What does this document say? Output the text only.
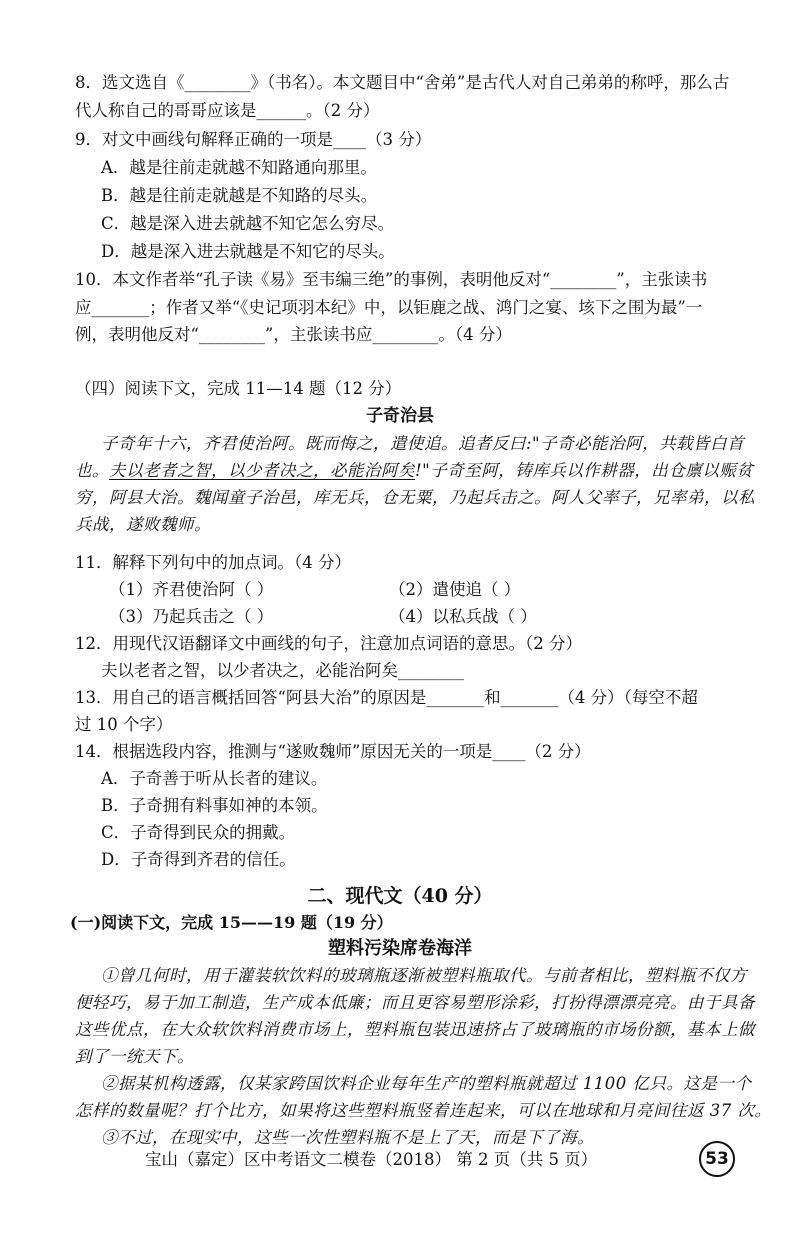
8．选文选自《________》（书名）。本文题目中“舍弟”是古代人对自己弟弟的称呼，那么古
代人称自己的哥哥应该是______。（2 分）
9．对文中画线句解释正确的一项是____（3 分）
A．越是往前走就越不知路通向那里。
B．越是往前走就越是不知路的尽头。
C．越是深入进去就越不知它怎么穷尽。
D．越是深入进去就越是不知它的尽头。
10．本文作者举“孔子读《易》至韦编三绝”的事例，表明他反对“________”，主张读书
应_______；作者又举“《史记项羽本纪》中，以钜鹿之战、鸿门之宴、垓下之围为最”一
例，表明他反对“________”，主张读书应________。（4 分）
（四）阅读下文，完成 11—14 题（12 分）
子奇治县
子奇年十六，齐君使治阿。既而悔之，遣使追。追者反曰:"子奇必能治阿，共载皆白首
也。夫以老者之智，以少者决之，必能治阿矣!"子奇至阿，铸库兵以作耕器，出仓廪以赈贫
穷，阿县大治。魏闻童子治邑，库无兵，仓无粟，乃起兵击之。阿人父率子，兄率弟，以私
兵战，遂败魏师。
11．解释下列句中的加点词。（4 分）
（1）齐君使治阿（ ）	（2）遣使追（ ）
（3）乃起兵击之（ ）	（4）以私兵战（ ）
12．用现代汉语翻译文中画线的句子，注意加点词语的意思。（2 分）
夫以老者之智，以少者决之，必能治阿矣________
13．用自己的语言概括回答“阿县大治”的原因是_______和_______（4 分）（每空不超
过 10 个字）
14．根据选段内容，推测与“遂败魏师”原因无关的一项是____（2 分）
A．子奇善于听从长者的建议。
B．子奇拥有料事如神的本领。
C．子奇得到民众的拥戴。
D．子奇得到齐君的信任。
二、现代文（40 分）
(一)阅读下文，完成 15——19 题（19 分）
塑料污染席卷海洋
①曾几何时，用于灌装软饮料的玻璃瓶逐渐被塑料瓶取代。与前者相比，塑料瓶不仅方
便轻巧，易于加工制造，生产成本低廉；而且更容易塑形涂彩，打扮得漂漂亮亮。由于具备
这些优点，在大众软饮料消费市场上，塑料瓶包装迅速挤占了玻璃瓶的市场份额，基本上做
到了一统天下。
②据某机构透露，仅某家跨国饮料企业每年生产的塑料瓶就超过 1100 亿只。这是一个
怎样的数量呢？打个比方，如果将这些塑料瓶竖着连起来，可以在地球和月亮间往返 37 次。
③不过，在现实中，这些一次性塑料瓶不是上了天，而是下了海。
宝山（嘉定）区中考语文二模卷（2018） 第 2 页（共 5 页）	53
